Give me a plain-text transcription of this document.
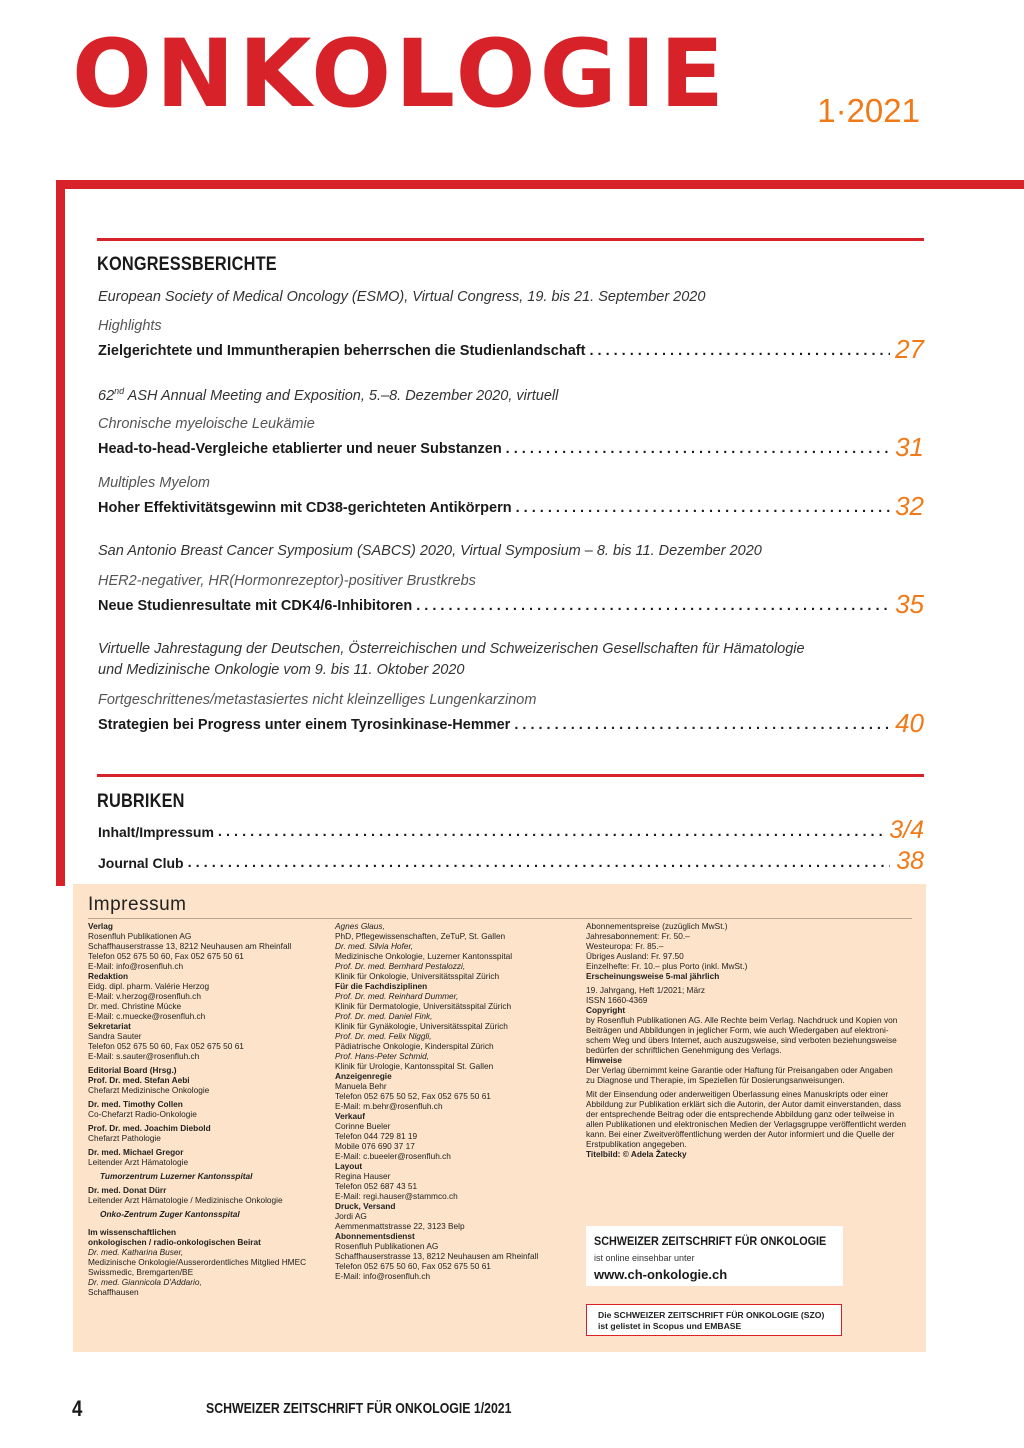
ONKOLOGIE	1·2021
KONGRESSBERICHTE
European Society of Medical Oncology (ESMO), Virtual Congress, 19. bis 21. September 2020
Highlights
Zielgerichtete und Immuntherapien beherrschen die Studienlandschaft . . .	27
62nd ASH Annual Meeting and Exposition, 5.–8. Dezember 2020, virtuell
Chronische myeloische Leukämie
Head-to-head-Vergleiche etablierter und neuer Substanzen . . .	31
Multiples Myelom
Hoher Effektivitätsgewinn mit CD38-gerichteten Antikörpern . . .	32
San Antonio Breast Cancer Symposium (SABCS) 2020, Virtual Symposium – 8. bis 11. Dezember 2020
HER2-negativer, HR(Hormonrezeptor)-positiver Brustkrebs
Neue Studienresultate mit CDK4/6-Inhibitoren . . .	35
Virtuelle Jahrestagung der Deutschen, Österreichischen und Schweizerischen Gesellschaften für Hämatologie
und Medizinische Onkologie vom 9. bis 11. Oktober 2020
Fortgeschrittenes/metastasiertes nicht kleinzelliges Lungenkarzinom
Strategien bei Progress unter einem Tyrosinkinase-Hemmer . . .	40
RUBRIKEN
Inhalt/Impressum . . .	3/4
Journal Club . . .	38
Impressum
Verlag
Rosenfluh Publikationen AG
Schaffhauserstrasse 13, 8212 Neuhausen am Rheinfall
Telefon 052 675 50 60, Fax 052 675 50 61
E-Mail: info@rosenfluh.ch
Redaktion
Eidg. dipl. pharm. Valérie Herzog
E-Mail: v.herzog@rosenfluh.ch
Dr. med. Christine Mücke
E-Mail: c.muecke@rosenfluh.ch
Sekretariat
Sandra Sauter
Telefon 052 675 50 60, Fax 052 675 50 61
E-Mail: s.sauter@rosenfluh.ch
Editorial Board (Hrsg.)
Prof. Dr. med. Stefan Aebi
Chefarzt Medizinische Onkologie
Dr. med. Timothy Collen
Co-Chefarzt Radio-Onkologie
Prof. Dr. med. Joachim Diebold
Chefarzt Pathologie
Dr. med. Michael Gregor
Leitender Arzt Hämatologie
Tumorzentrum Luzerner Kantonsspital
Dr. med. Donat Dürr
Leitender Arzt Hämatologie / Medizinische Onkologie
Onko-Zentrum Zuger Kantonsspital
Im wissenschaftlichen
onkologischen / radio-onkologischen Beirat
Dr. med. Katharina Buser,
Medizinische Onkologie/Ausserordentliches Mitglied HMEC
Swissmedic, Bremgarten/BE
Dr. med. Giannicola D'Addario,
Schaffhausen
Agnes Glaus,
PhD, Pflegewissenschaften, ZeTuP, St. Gallen
Dr. med. Silvia Hofer,
Medizinische Onkologie, Luzerner Kantonsspital
Prof. Dr. med. Bernhard Pestalozzi,
Klinik für Onkologie, Universitätsspital Zürich
Für die Fachdisziplinen
Prof. Dr. med. Reinhard Dummer,
Klinik für Dermatologie, Universitätsspital Zürich
Prof. Dr. med. Daniel Fink,
Klinik für Gynäkologie, Universitätsspital Zürich
Prof. Dr. med. Felix Niggli,
Pädiatrische Onkologie, Kinderspital Zürich
Prof. Hans-Peter Schmid,
Klinik für Urologie, Kantonsspital St. Gallen
Anzeigenregie
Manuela Behr
Telefon 052 675 50 52, Fax 052 675 50 61
E-Mail: m.behr@rosenfluh.ch
Verkauf
Corinne Bueler
Telefon 044 729 81 19
Mobile 076 690 37 17
E-Mail: c.bueeler@rosenfluh.ch
Layout
Regina Hauser
Telefon 052 687 43 51
E-Mail: regi.hauser@stammco.ch
Druck, Versand
Jordi AG
Aemmenmattstrasse 22, 3123 Belp
Abonnementsdienst
Rosenfluh Publikationen AG
Schaffhauserstrasse 13, 8212 Neuhausen am Rheinfall
Telefon 052 675 50 60, Fax 052 675 50 61
E-Mail: info@rosenfluh.ch
Abonnementspreise (zuzüglich MwSt.)
Jahresabonnement: Fr. 50.–
Westeuropa: Fr. 85.–
Übriges Ausland: Fr. 97.50
Einzelhefte: Fr. 10.– plus Porto (inkl. MwSt.)
Erscheinungsweise 5-mal jährlich
19. Jahrgang, Heft 1/2021; März
ISSN 1660-4369
Copyright
by Rosenfluh Publikationen AG. Alle Rechte beim Verlag. Nachdruck und Kopien von
Beiträgen und Abbildungen in jeglicher Form, wie auch Wiedergaben auf elektroni-
schem Weg und übers Internet, auch auszugsweise, sind verboten beziehungsweise
bedürfen der schriftlichen Genehmigung des Verlags.
Hinweise
Der Verlag übernimmt keine Garantie oder Haftung für Preisangaben oder Angaben
zu Diagnose und Therapie, im Speziellen für Dosierungsanweisungen.
Mit der Einsendung oder anderweitigen Überlassung eines Manuskripts oder einer
Abbildung zur Publikation erklärt sich die Autorin, der Autor damit einverstanden, dass
der entsprechende Beitrag oder die entsprechende Abbildung ganz oder teilweise in
allen Publikationen und elektronischen Medien der Verlagsgruppe veröffentlicht werden
kann. Bei einer Zweitveröffentlichung werden der Autor informiert und die Quelle der
Erstpublikation angegeben.
Titelbild: © Adela Žatecky
SCHWEIZER ZEITSCHRIFT FÜR ONKOLOGIE
ist online einsehbar unter
www.ch-onkologie.ch
Die SCHWEIZER ZEITSCHRIFT FÜR ONKOLOGIE (SZO)
ist gelistet in Scopus und EMBASE
4	SCHWEIZER ZEITSCHRIFT FÜR ONKOLOGIE 1/2021
